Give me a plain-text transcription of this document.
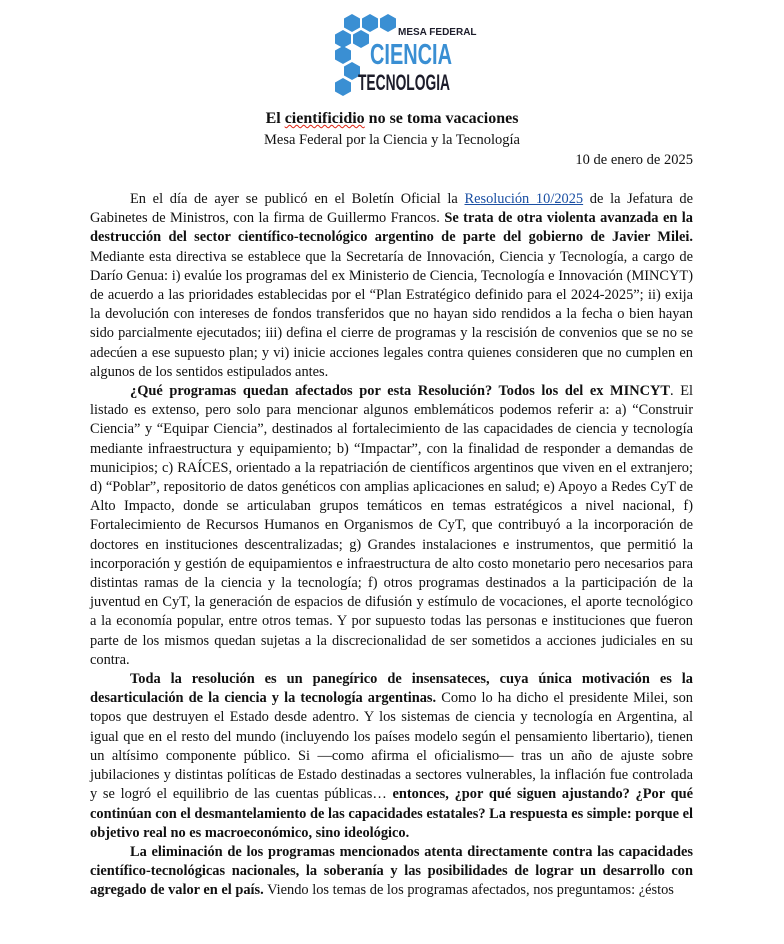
MESA FEDERAL
CIENCIA
TECNOLOGIA
El cientificidio no se toma vacaciones
Mesa Federal por la Ciencia y la Tecnología
10 de enero de 2025

En el día de ayer se publicó en el Boletín Oficial la Resolución 10/2025 de la Jefatura de Gabinetes de Ministros, con la firma de Guillermo Francos. Se trata de otra violenta avanzada en la destrucción del sector científico-tecnológico argentino de parte del gobierno de Javier Milei. Mediante esta directiva se establece que la Secretaría de Innovación, Ciencia y Tecnología, a cargo de Darío Genua: i) evalúe los programas del ex Ministerio de Ciencia, Tecnología e Innovación (MINCYT) de acuerdo a las prioridades establecidas por el “Plan Estratégico definido para el 2024-2025”; ii) exija la devolución con intereses de fondos transferidos que no hayan sido rendidos a la fecha o bien hayan sido parcialmente ejecutados; iii) defina el cierre de programas y la rescisión de convenios que se no se adecúen a ese supuesto plan; y vi) inicie acciones legales contra quienes consideren que no cumplen en algunos de los sentidos estipulados antes.

¿Qué programas quedan afectados por esta Resolución? Todos los del ex MINCYT. El listado es extenso, pero solo para mencionar algunos emblemáticos podemos referir a: a) “Construir Ciencia” y “Equipar Ciencia”, destinados al fortalecimiento de las capacidades de ciencia y tecnología mediante infraestructura y equipamiento; b) “Impactar”, con la finalidad de responder a demandas de municipios; c) RAÍCES, orientado a la repatriación de científicos argentinos que viven en el extranjero; d) “Poblar”, repositorio de datos genéticos con amplias aplicaciones en salud; e) Apoyo a Redes CyT de Alto Impacto, donde se articulaban grupos temáticos en temas estratégicos a nivel nacional, f) Fortalecimiento de Recursos Humanos en Organismos de CyT, que contribuyó a la incorporación de doctores en instituciones descentralizadas; g) Grandes instalaciones e instrumentos, que permitió la incorporación y gestión de equipamientos e infraestructura de alto costo monetario pero necesarios para distintas ramas de la ciencia y la tecnología; f) otros programas destinados a la participación de la juventud en CyT, la generación de espacios de difusión y estímulo de vocaciones, el aporte tecnológico a la economía popular, entre otros temas. Y por supuesto todas las personas e instituciones que fueron parte de los mismos quedan sujetas a la discrecionalidad de ser sometidos a acciones judiciales en su contra.

Toda la resolución es un panegírico de insensateces, cuya única motivación es la desarticulación de la ciencia y la tecnología argentinas. Como lo ha dicho el presidente Milei, son topos que destruyen el Estado desde adentro. Y los sistemas de ciencia y tecnología en Argentina, al igual que en el resto del mundo (incluyendo los países modelo según el pensamiento libertario), tienen un altísimo componente público. Si —como afirma el oficialismo— tras un año de ajuste sobre jubilaciones y distintas políticas de Estado destinadas a sectores vulnerables, la inflación fue controlada y se logró el equilibrio de las cuentas públicas… entonces, ¿por qué siguen ajustando? ¿Por qué continúan con el desmantelamiento de las capacidades estatales? La respuesta es simple: porque el objetivo real no es macroeconómico, sino ideológico.

La eliminación de los programas mencionados atenta directamente contra las capacidades científico-tecnológicas nacionales, la soberanía y las posibilidades de lograr un desarrollo con agregado de valor en el país. Viendo los temas de los programas afectados, nos preguntamos: ¿éstos
